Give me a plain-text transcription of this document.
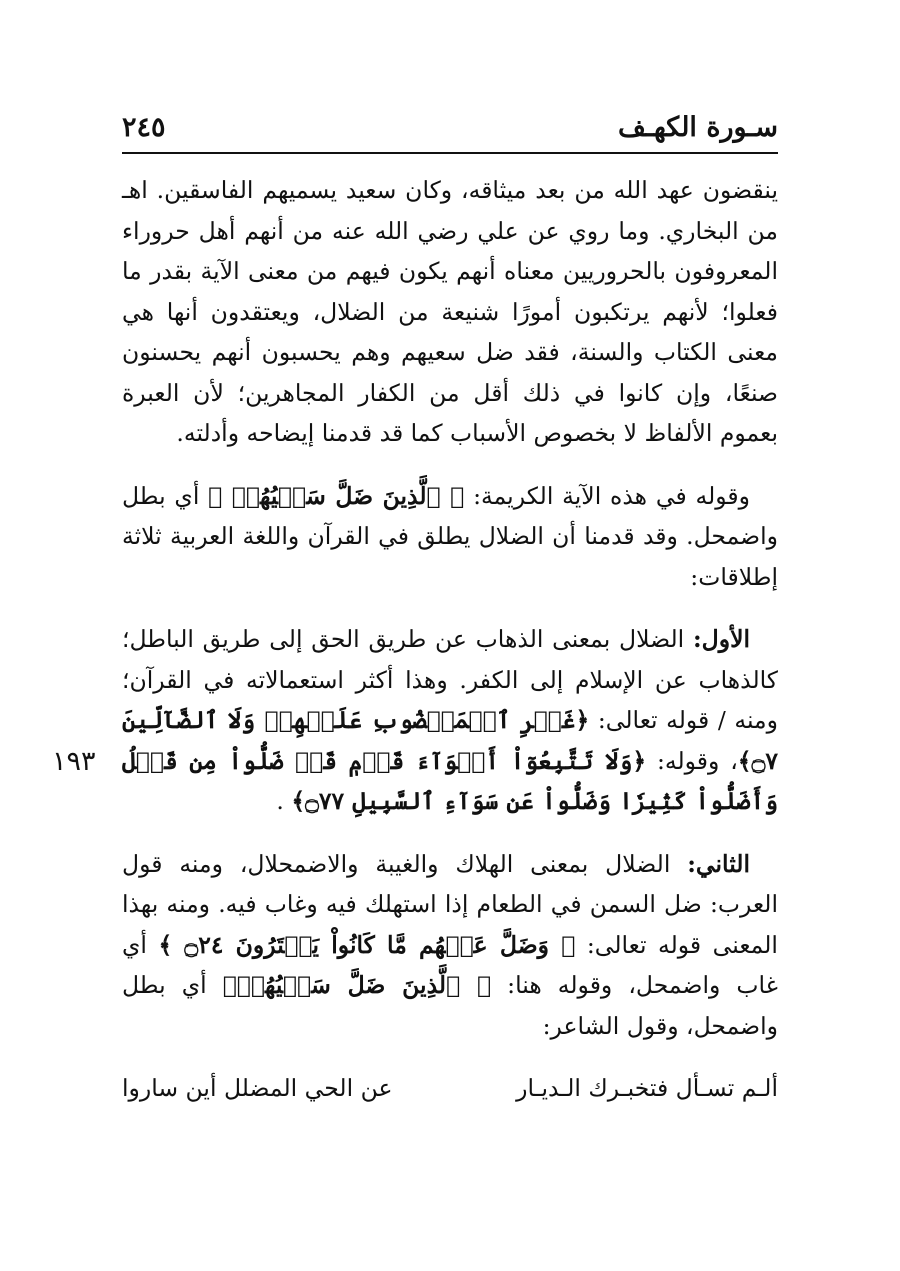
سـورة الكهـف
٢٤٥
١٩٣

ينقضون عهد الله من بعد ميثاقه، وكان سعيد يسميهم الفاسقين. اهـ من البخاري. وما روي عن علي رضي الله عنه من أنهم أهل حروراء المعروفون بالحروريين معناه أنهم يكون فيهم من معنى الآية بقدر ما فعلوا؛ لأنهم يرتكبون أمورًا شنيعة من الضلال، ويعتقدون أنها هي معنى الكتاب والسنة، فقد ضل سعيهم وهم يحسبون أنهم يحسنون صنعًا، وإن كانوا في ذلك أقل من الكفار المجاهرين؛ لأن العبرة بعموم الألفاظ لا بخصوص الأسباب كما قد قدمنا إيضاحه وأدلته.

وقوله في هذه الآية الكريمة: ﴿ ٱلَّذِينَ ضَلَّ سَعۡيُهُمۡ ﴾ أي بطل واضمحل. وقد قدمنا أن الضلال يطلق في القرآن واللغة العربية ثلاثة إطلاقات:

الأول: الضلال بمعنى الذهاب عن طريق الحق إلى طريق الباطل؛ كالذهاب عن الإسلام إلى الكفر. وهذا أكثر استعمالاته في القرآن؛ ومنه / قوله تعالى: ﴿غَيۡرِ ٱلۡمَغۡضُوبِ عَلَيۡهِمۡ وَلَا ٱلضَّآلِّينَ ۝٧﴾، وقوله: ﴿وَلَا تَتَّبِعُوٓاْ أَهۡوَآءَ قَوۡمٖ قَدۡ ضَلُّواْ مِن قَبۡلُ وَأَضَلُّواْ كَثِيرٗا وَضَلُّواْ عَن سَوَآءِ ٱلسَّبِيلِ ۝٧٧﴾ .

الثاني: الضلال بمعنى الهلاك والغيبة والاضمحلال، ومنه قول العرب: ضل السمن في الطعام إذا استهلك فيه وغاب فيه. ومنه بهذا المعنى قوله تعالى: ﴿ وَضَلَّ عَنۡهُم مَّا كَانُواْ يَفۡتَرُونَ ۝٢٤ ﴾ أي غاب واضمحل، وقوله هنا: ﴿ ٱلَّذِينَ ضَلَّ سَعۡيُهُمۡ﴾ أي بطل واضمحل، وقول الشاعر:

ألـم تسـأل فتخبـرك الـديـار
عن الحي المضلل أين ساروا
